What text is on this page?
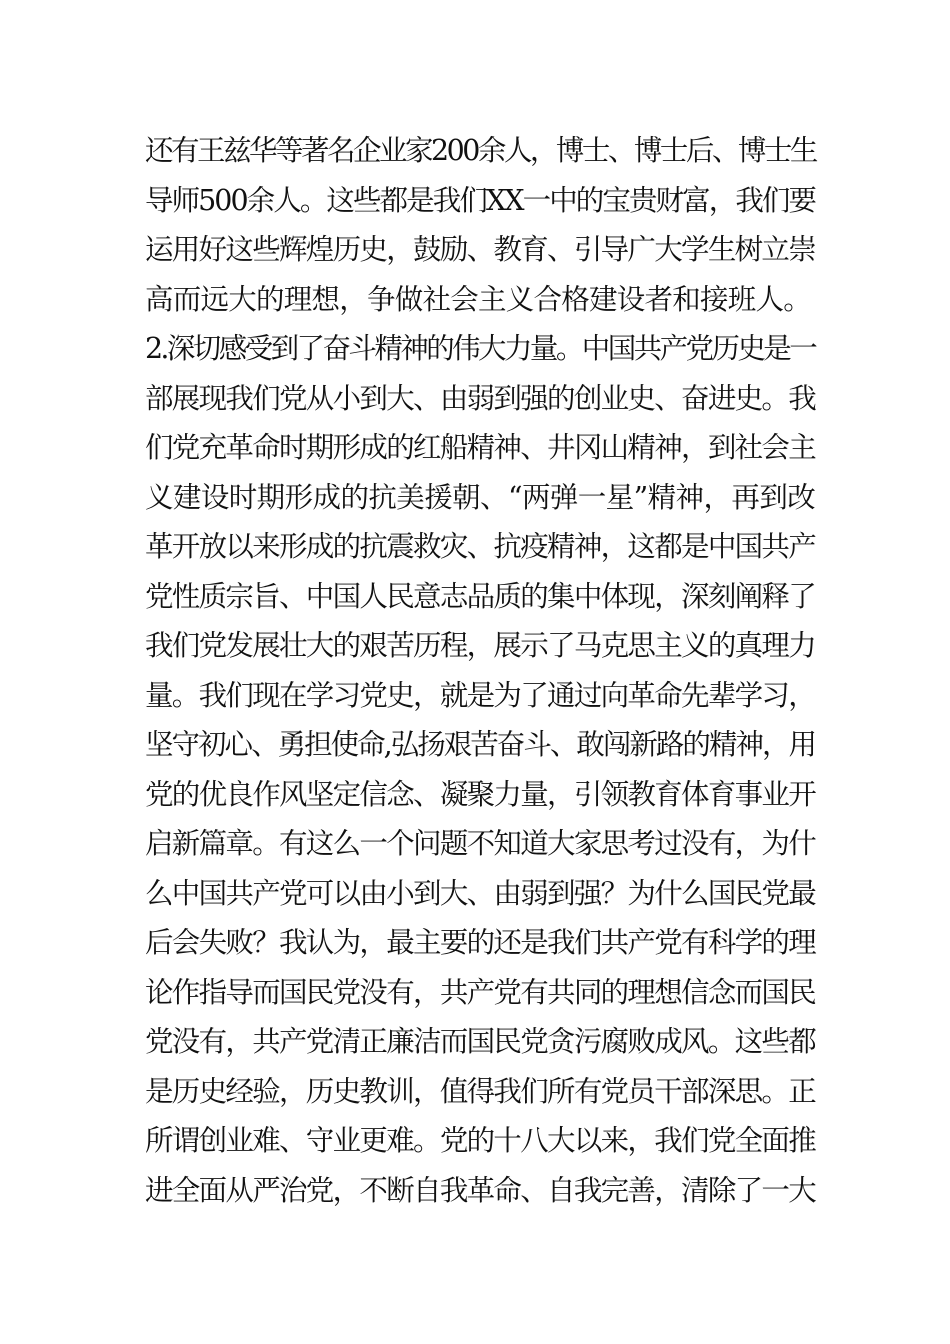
还有王兹华等著名企业家200余人，博士、博士后、博士生
导师500余人。这些都是我们XX一中的宝贵财富，我们要
运用好这些辉煌历史，鼓励、教育、引导广大学生树立崇
高而远大的理想，争做社会主义合格建设者和接班人。
2.深切感受到了奋斗精神的伟大力量。中国共产党历史是一
部展现我们党从小到大、由弱到强的创业史、奋进史。我
们党充革命时期形成的红船精神、井冈山精神，到社会主
义建设时期形成的抗美援朝、“两弹一星”精神，再到改
革开放以来形成的抗震救灾、抗疫精神，这都是中国共产
党性质宗旨、中国人民意志品质的集中体现，深刻阐释了
我们党发展壮大的艰苦历程，展示了马克思主义的真理力
量。我们现在学习党史，就是为了通过向革命先辈学习，
坚守初心、勇担使命,弘扬艰苦奋斗、敢闯新路的精神，用
党的优良作风坚定信念、凝聚力量，引领教育体育事业开
启新篇章。有这么一个问题不知道大家思考过没有，为什
么中国共产党可以由小到大、由弱到强？为什么国民党最
后会失败？我认为，最主要的还是我们共产党有科学的理
论作指导而国民党没有，共产党有共同的理想信念而国民
党没有，共产党清正廉洁而国民党贪污腐败成风。这些都
是历史经验，历史教训，值得我们所有党员干部深思。正
所谓创业难、守业更难。党的十八大以来，我们党全面推
进全面从严治党，不断自我革命、自我完善，清除了一大
